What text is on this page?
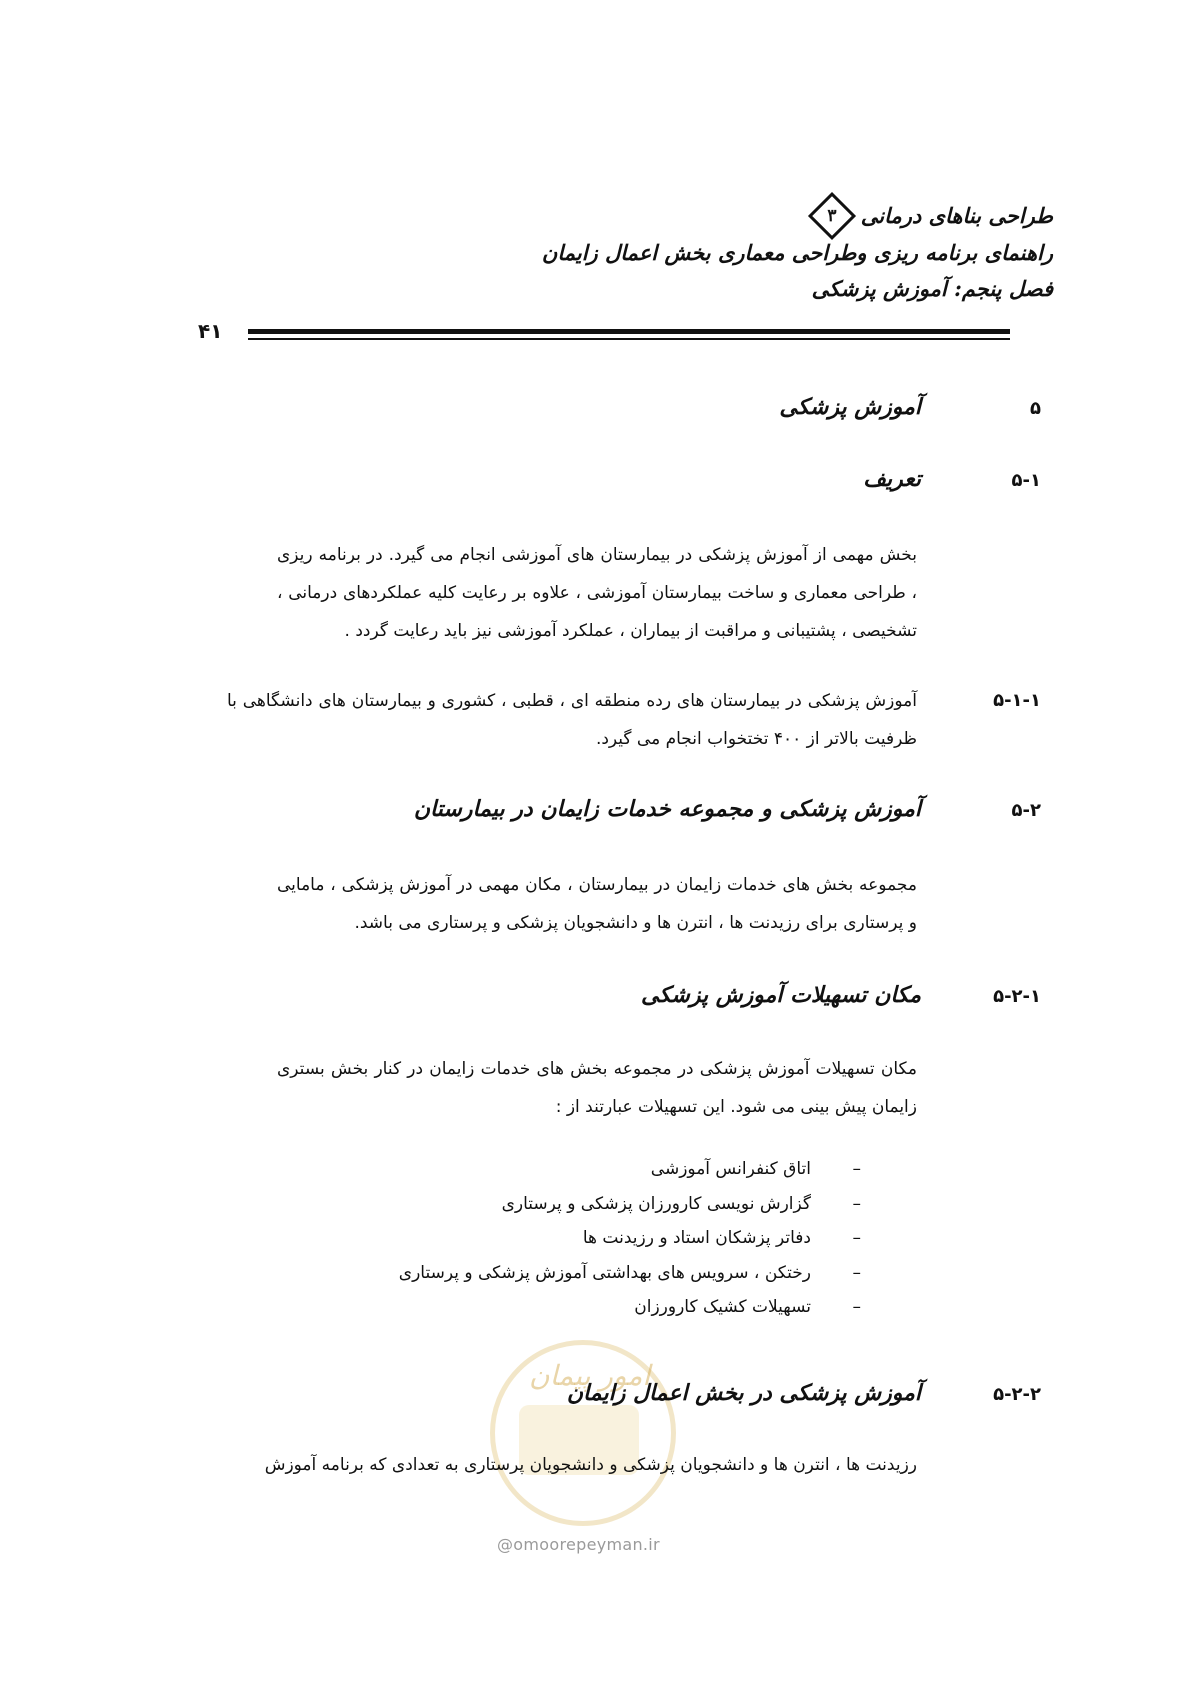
طراحی بناهای درمانی
۳
راهنمای برنامه ریزی وطراحی معماری بخش اعمال زایمان
فصل پنجم: آموزش پزشکی
۴۱
۵
آموزش پزشکی
۵-۱
تعریف
بخش مهمی از آموزش پزشکی در بیمارستان های آموزشی انجام می گیرد. در برنامه ریزی ، طراحی معماری و ساخت بیمارستان آموزشی ، علاوه بر رعایت کلیه عملکردهای درمانی ، تشخیصی ، پشتیبانی و مراقبت از بیماران ، عملکرد آموزشی نیز باید رعایت گردد .
۵-۱-۱
آموزش پزشکی در بیمارستان های رده منطقه ای ، قطبی ، کشوری و بیمارستان های دانشگاهی با ظرفیت بالاتر از ۴۰۰ تختخواب انجام می گیرد.
۵-۲
آموزش پزشکی و مجموعه خدمات زایمان در بیمارستان
مجموعه بخش های خدمات زایمان در بیمارستان ، مکان مهمی در آموزش پزشکی ، مامایی و پرستاری برای رزیدنت ها ، انترن ها و دانشجویان پزشکی و پرستاری می باشد.
۵-۲-۱
مکان تسهیلات آموزش پزشکی
مکان تسهیلات آموزش پزشکی در مجموعه بخش های خدمات زایمان در کنار بخش بستری زایمان پیش بینی می شود. این تسهیلات عبارتند از :
–
اتاق کنفرانس آموزشی
–
گزارش نویسی کارورزان پزشکی و پرستاری
–
دفاتر پزشکان استاد و رزیدنت ها
–
رختکن ، سرویس های بهداشتی آموزش پزشکی و پرستاری
–
تسهیلات کشیک کارورزان
امور پیمان
۵-۲-۲
آموزش پزشکی در بخش اعمال زایمان
رزیدنت ها ، انترن ها و دانشجویان پزشکی و دانشجویان پرستاری به تعدادی که برنامه آموزش
@omoorepeyman.ir
